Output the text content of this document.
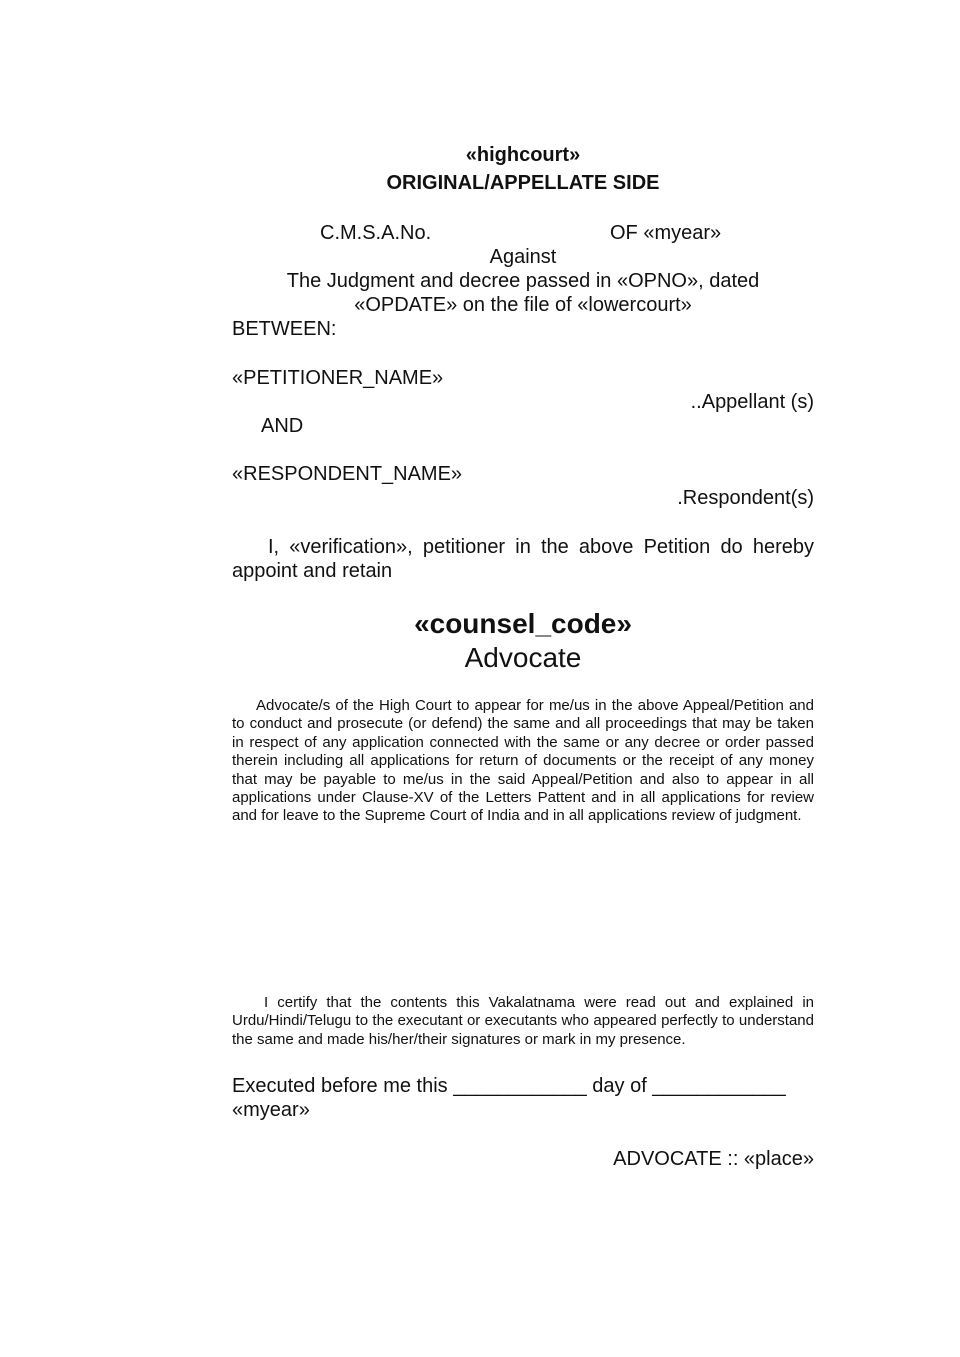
«highcourt»
ORIGINAL/APPELLATE SIDE
C.M.S.A.No.	OF «myear»
Against
The Judgment and decree passed in «OPNO», dated
«OPDATE» on the file of «lowercourt»
BETWEEN:
«PETITIONER_NAME»
..Appellant (s)
AND
«RESPONDENT_NAME»
.Respondent(s)
I, «verification», petitioner in the above Petition do hereby appoint and retain
«counsel_code»
Advocate
Advocate/s of the High Court to appear for me/us in the above Appeal/Petition and to conduct and prosecute (or defend) the same and all proceedings that may be taken in respect of any application connected with the same or any decree or order passed therein including all applications for return of documents or the receipt of any money that may be payable to me/us in the said Appeal/Petition and also to appear in all applications under Clause-XV of the Letters Pattent and in all applications for review and for leave to the Supreme Court of India and in all applications review of judgment.
I certify that the contents this Vakalatnama were read out and explained in Urdu/Hindi/Telugu to the executant or executants who appeared perfectly to understand the same and made his/her/their signatures or mark in my presence.
Executed before me this ____________ day of ____________
«myear»
ADVOCATE :: «place»
